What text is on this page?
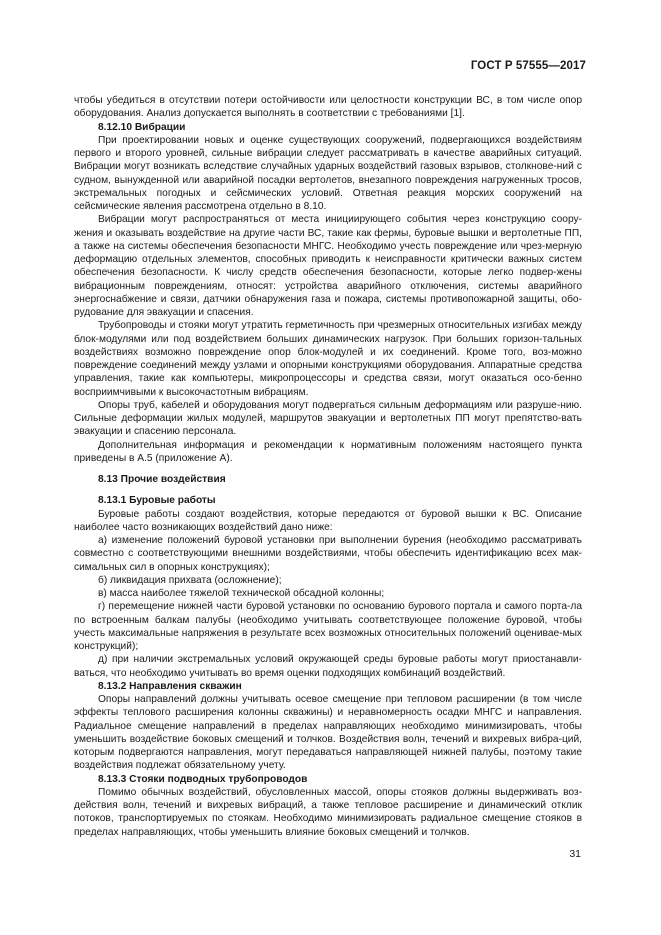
ГОСТ Р 57555—2017

чтобы убедиться в отсутствии потери остойчивости или целостности конструкции ВС, в том числе опор оборудования. Анализ допускается выполнять в соответствии с требованиями [1].

8.12.10 Вибрации

При проектировании новых и оценке существующих сооружений, подвергающихся воздействиям первого и второго уровней, сильные вибрации следует рассматривать в качестве аварийных ситуаций. Вибрации могут возникать вследствие случайных ударных воздействий газовых взрывов, столкнове-ний с судном, вынужденной или аварийной посадки вертолетов, внезапного повреждения нагруженных тросов, экстремальных погодных и сейсмических условий. Ответная реакция морских сооружений на сейсмические явления рассмотрена отдельно в 8.10.

Вибрации могут распространяться от места инициирующего события через конструкцию соору-жения и оказывать воздействие на другие части ВС, такие как фермы, буровые вышки и вертолетные ПП, а также на системы обеспечения безопасности МНГС. Необходимо учесть повреждение или чрез-мерную деформацию отдельных элементов, способных приводить к неисправности критически важных систем обеспечения безопасности. К числу средств обеспечения безопасности, которые легко подвер-жены вибрационным повреждениям, относят: устройства аварийного отключения, системы аварийного энергоснабжение и связи, датчики обнаружения газа и пожара, системы противопожарной защиты, обо-рудование для эвакуации и спасения.

Трубопроводы и стояки могут утратить герметичность при чрезмерных относительных изгибах между блок-модулями или под воздействием больших динамических нагрузок. При больших горизон-тальных воздействиях возможно повреждение опор блок-модулей и их соединений. Кроме того, воз-можно повреждение соединений между узлами и опорными конструкциями оборудования. Аппаратные средства управления, такие как компьютеры, микропроцессоры и средства связи, могут оказаться осо-бенно восприимчивыми к высокочастотным вибрациям.

Опоры труб, кабелей и оборудования могут подвергаться сильным деформациям или разруше-нию. Сильные деформации жилых модулей, маршрутов эвакуации и вертолетных ПП могут препятство-вать эвакуации и спасению персонала.

Дополнительная информация и рекомендации к нормативным положениям настоящего пункта приведены в А.5 (приложение А).

8.13 Прочие воздействия
8.13.1 Буровые работы

Буровые работы создают воздействия, которые передаются от буровой вышки к ВС. Описание наиболее часто возникающих воздействий дано ниже:

а) изменение положений буровой установки при выполнении бурения (необходимо рассматривать совместно с соответствующими внешними воздействиями, чтобы обеспечить идентификацию всех мак-симальных сил в опорных конструкциях);

б) ликвидация прихвата (осложнение);

в) масса наиболее тяжелой технической обсадной колонны;

г) перемещение нижней части буровой установки по основанию бурового портала и самого порта-ла по встроенным балкам палубы (необходимо учитывать соответствующее положение буровой, чтобы учесть максимальные напряжения в результате всех возможных относительных положений оценивае-мых конструкций);

д) при наличии экстремальных условий окружающей среды буровые работы могут приостанавли-ваться, что необходимо учитывать во время оценки подходящих комбинаций воздействий.

8.13.2 Направления скважин

Опоры направлений должны учитывать осевое смещение при тепловом расширении (в том числе эффекты теплового расширения колонны скважины) и неравномерность осадки МНГС и направления. Радиальное смещение направлений в пределах направляющих необходимо минимизировать, чтобы уменьшить воздействие боковых смещений и толчков. Воздействия волн, течений и вихревых вибра-ций, которым подвергаются направления, могут передаваться направляющей нижней палубы, поэтому такие воздействия подлежат обязательному учету.

8.13.3 Стояки подводных трубопроводов

Помимо обычных воздействий, обусловленных массой, опоры стояков должны выдерживать воз-действия волн, течений и вихревых вибраций, а также тепловое расширение и динамический отклик потоков, транспортируемых по стоякам. Необходимо минимизировать радиальное смещение стояков в пределах направляющих, чтобы уменьшить влияние боковых смещений и толчков.

31
